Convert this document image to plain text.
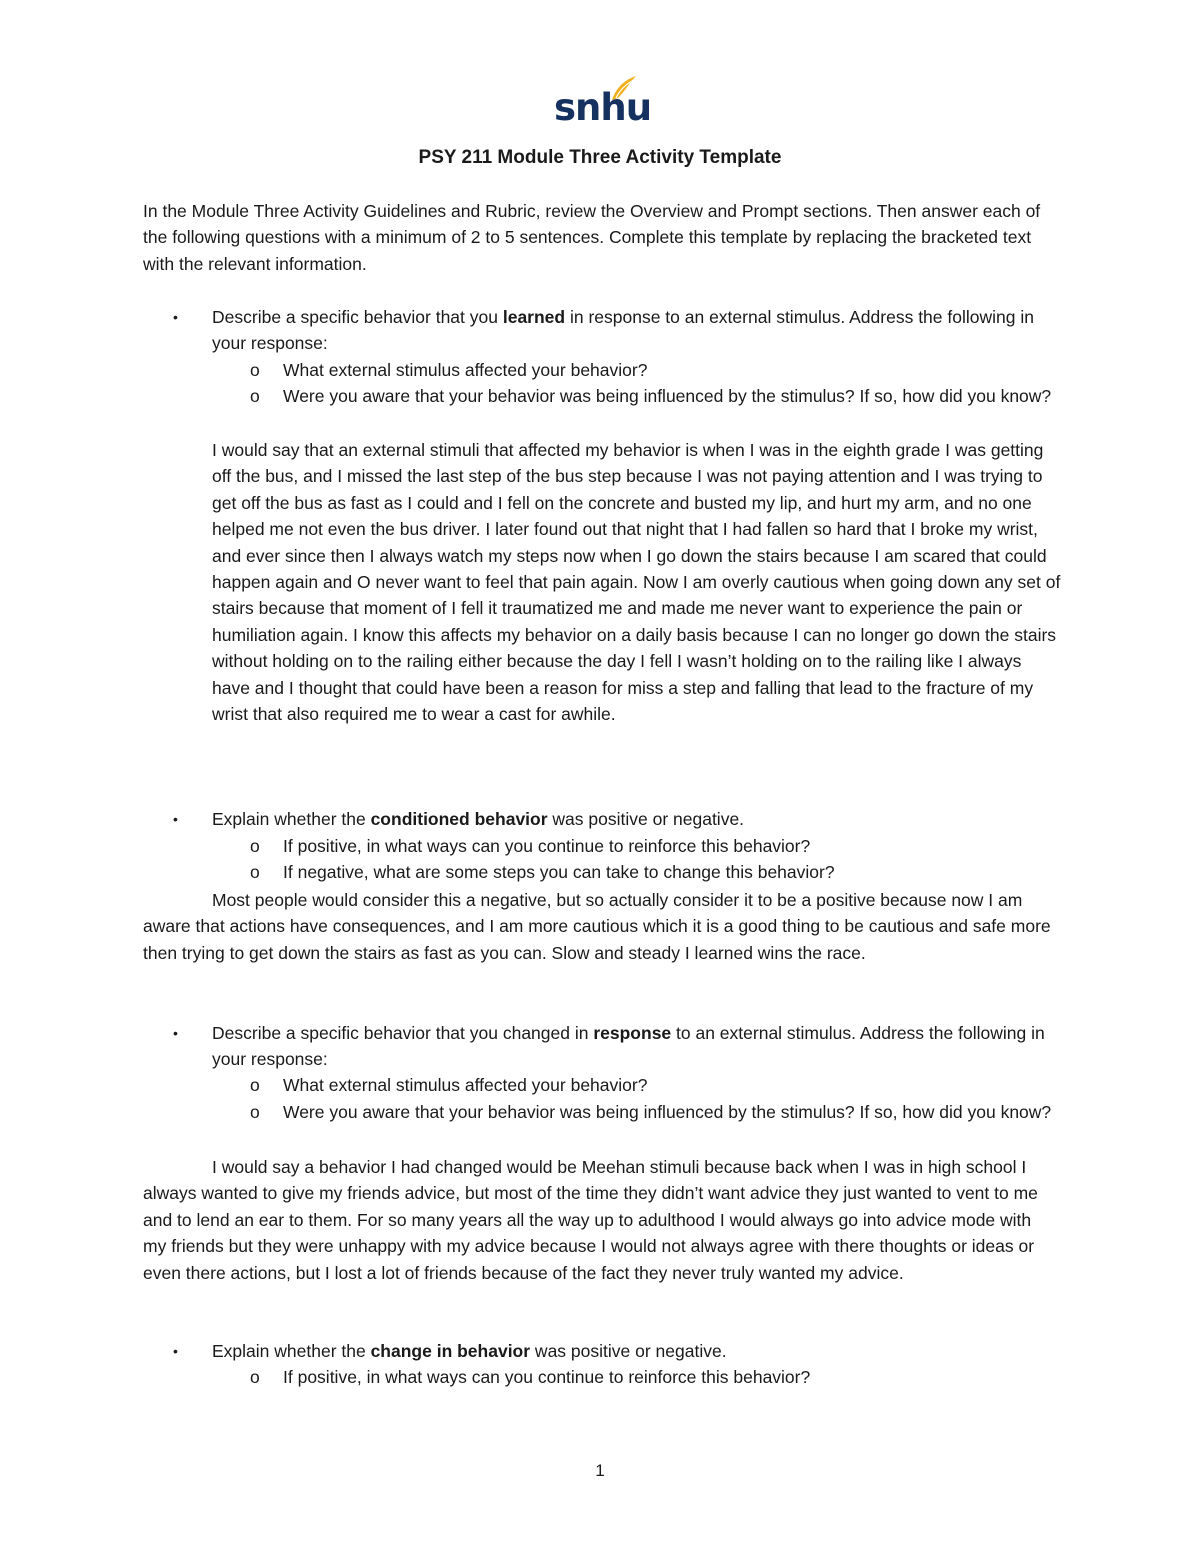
snhu
PSY 211 Module Three Activity Template
In the Module Three Activity Guidelines and Rubric, review the Overview and Prompt sections. Then answer each of the following questions with a minimum of 2 to 5 sentences. Complete this template by replacing the bracketed text with the relevant information.
• Describe a specific behavior that you learned in response to an external stimulus. Address the following in your response:
o What external stimulus affected your behavior?
o Were you aware that your behavior was being influenced by the stimulus? If so, how did you know?
I would say that an external stimuli that affected my behavior is when I was in the eighth grade I was getting off the bus, and I missed the last step of the bus step because I was not paying attention and I was trying to get off the bus as fast as I could and I fell on the concrete and busted my lip, and hurt my arm, and no one helped me not even the bus driver. I later found out that night that I had fallen so hard that I broke my wrist, and ever since then I always watch my steps now when I go down the stairs because I am scared that could happen again and O never want to feel that pain again. Now I am overly cautious when going down any set of stairs because that moment of I fell it traumatized me and made me never want to experience the pain or humiliation again. I know this affects my behavior on a daily basis because I can no longer go down the stairs without holding on to the railing either because the day I fell I wasn’t holding on to the railing like I always have and I thought that could have been a reason for miss a step and falling that lead to the fracture of my wrist that also required me to wear a cast for awhile.
• Explain whether the conditioned behavior was positive or negative.
o If positive, in what ways can you continue to reinforce this behavior?
o If negative, what are some steps you can take to change this behavior?
Most people would consider this a negative, but so actually consider it to be a positive because now I am aware that actions have consequences, and I am more cautious which it is a good thing to be cautious and safe more then trying to get down the stairs as fast as you can. Slow and steady I learned wins the race.
• Describe a specific behavior that you changed in response to an external stimulus. Address the following in your response:
o What external stimulus affected your behavior?
o Were you aware that your behavior was being influenced by the stimulus? If so, how did you know?
I would say a behavior I had changed would be Meehan stimuli because back when I was in high school I always wanted to give my friends advice, but most of the time they didn’t want advice they just wanted to vent to me and to lend an ear to them. For so many years all the way up to adulthood I would always go into advice mode with my friends but they were unhappy with my advice because I would not always agree with there thoughts or ideas or even there actions, but I lost a lot of friends because of the fact they never truly wanted my advice.
• Explain whether the change in behavior was positive or negative.
o If positive, in what ways can you continue to reinforce this behavior?
1
